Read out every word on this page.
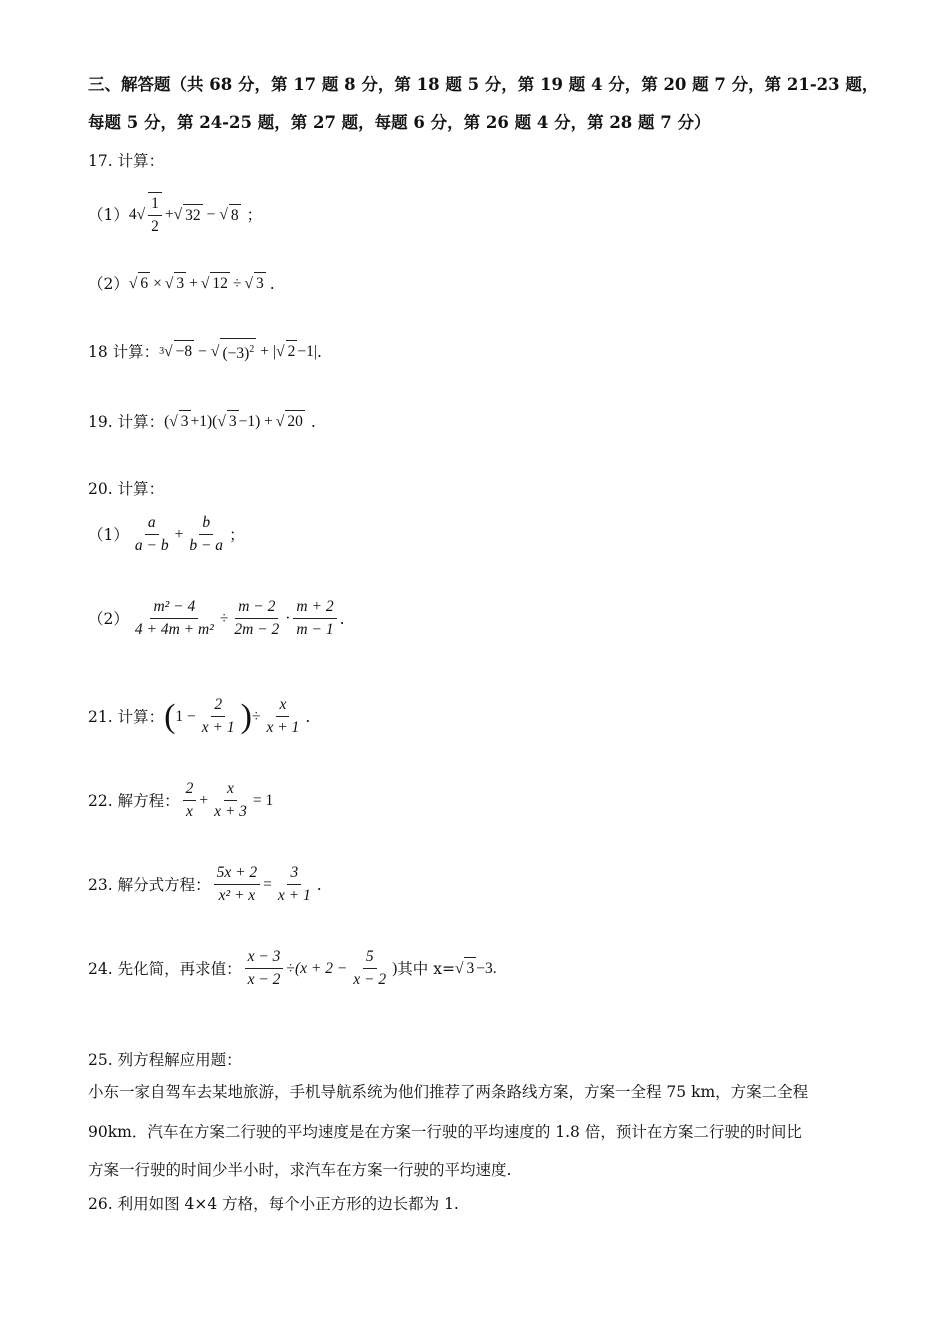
三、解答题（共 68 分，第 17 题 8 分，第 18 题 5 分，第 19 题 4 分，第 20 题 7 分，第 21-23 题，
每题 5 分，第 24-25 题，第 27 题，每题 6 分，第 26 题 4 分，第 28 题 7 分）
17. 计算：
（1） 4 √ $\frac{1}{2}$ + √ 32 − √ 8 ；
（2） √ 6 × √ 3 + √ 12 ÷ √ 3 .
18 计算： 3 √ −8 − √ $(-3)^2$ + | √ 2 −1 | .
19. 计算： ( √ 3 +1)( √ 3 −1) + √ 20 .
20. 计算：
$(1) \frac{a}{a - b} + \frac{b}{b - a}$ ；
$(2) \frac{\text{m² − 4}}{\text{4 + 4m + m²}} \div \frac{m - 2}{2m - 2} \cdot \frac{m + 2}{m - 1}$ .
21. 计算： ( $1 - \frac{2}{x + 1}$ ) ÷ $\frac{x}{x + 1}$ .
22. 解方程： $\frac{2}{x} + \frac{x}{x + 3} = 1$
23. 解分式方程： $\frac{5x + 2}{\text{x² + x}} = \frac{3}{x + 1}$ .
24. 先化简，再求值： $\frac{x - 3}{x - 2} \div (x + 2 - \frac{5}{x - 2}$ ) 其中 x= √ 3 −3.
25. 列方程解应用题：
小东一家自驾车去某地旅游，手机导航系统为他们推荐了两条路线方案，方案一全程 75 km，方案二全程
90km．汽车在方案二行驶的平均速度是在方案一行驶的平均速度的 1.8 倍，预计在方案二行驶的时间比
方案一行驶的时间少半小时，求汽车在方案一行驶的平均速度.
26. 利用如图 4×4 方格，每个小正方形的边长都为 1.
